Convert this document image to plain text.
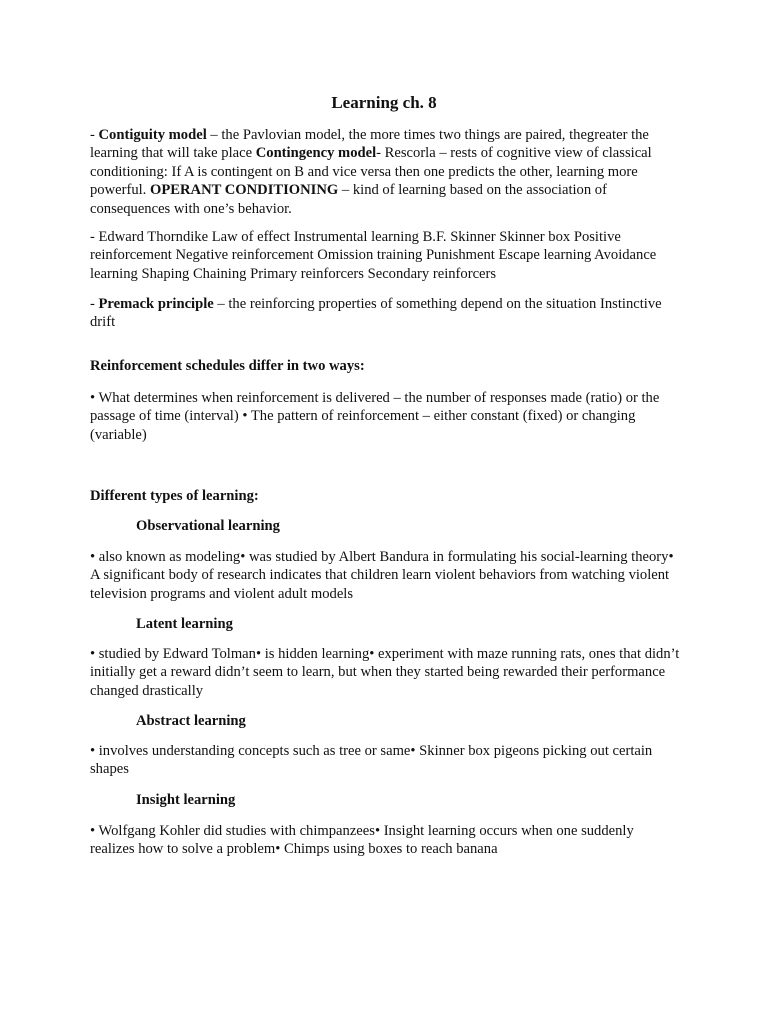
Learning ch. 8
- Contiguity model – the Pavlovian model, the more times two things are paired, thegreater the learning that will take place Contingency model- Rescorla – rests of cognitive view of classical conditioning: If A is contingent on B and vice versa then one predicts the other, learning more powerful. OPERANT CONDITIONING – kind of learning based on the association of consequences with one’s behavior.
- Edward Thorndike Law of effect Instrumental learning B.F. Skinner Skinner box Positive reinforcement Negative reinforcement Omission training Punishment Escape learning Avoidance learning Shaping Chaining Primary reinforcers Secondary reinforcers
- Premack principle – the reinforcing properties of something depend on the situation Instinctive drift
Reinforcement schedules differ in two ways:
• What determines when reinforcement is delivered – the number of responses made (ratio) or the passage of time (interval) • The pattern of reinforcement – either constant (fixed) or changing (variable)
Different types of learning:
Observational learning
• also known as modeling• was studied by Albert Bandura in formulating his social-learning theory• A significant body of research indicates that children learn violent behaviors from watching violent television programs and violent adult models
Latent learning
• studied by Edward Tolman• is hidden learning• experiment with maze running rats, ones that didn’t initially get a reward didn’t seem to learn, but when they started being rewarded their performance changed drastically
Abstract learning
• involves understanding concepts such as tree or same• Skinner box pigeons picking out certain shapes
Insight learning
• Wolfgang Kohler did studies with chimpanzees• Insight learning occurs when one suddenly realizes how to solve a problem• Chimps using boxes to reach banana
